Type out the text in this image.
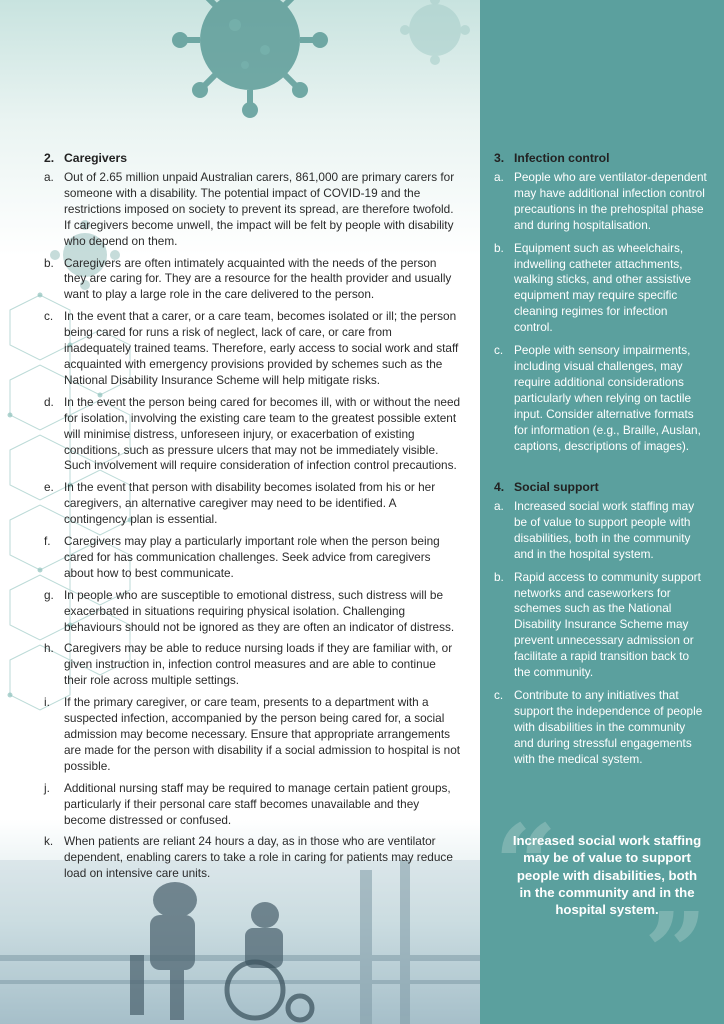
2. Caregivers
a. Out of 2.65 million unpaid Australian carers, 861,000 are primary carers for someone with a disability. The potential impact of COVID-19 and the restrictions imposed on society to prevent its spread, are therefore twofold. If caregivers become unwell, the impact will be felt by people with disability who depend on them.
b. Caregivers are often intimately acquainted with the needs of the person they are caring for. They are a resource for the health provider and usually want to play a large role in the care delivered to the person.
c. In the event that a carer, or a care team, becomes isolated or ill; the person being cared for runs a risk of neglect, lack of care, or care from inadequately trained teams. Therefore, early access to social work and staff acquainted with emergency provisions provided by schemes such as the National Disability Insurance Scheme will help mitigate risks.
d. In the event the person being cared for becomes ill, with or without the need for isolation, involving the existing care team to the greatest possible extent will minimise distress, unforeseen injury, or exacerbation of existing conditions, such as pressure ulcers that may not be immediately visible. Such involvement will require consideration of infection control precautions.
e. In the event that person with disability becomes isolated from his or her caregivers, an alternative caregiver may need to be identified. A contingency plan is essential.
f. Caregivers may play a particularly important role when the person being cared for has communication challenges. Seek advice from caregivers about how to best communicate.
g. In people who are susceptible to emotional distress, such distress will be exacerbated in situations requiring physical isolation. Challenging behaviours should not be ignored as they are often an indicator of distress.
h. Caregivers may be able to reduce nursing loads if they are familiar with, or given instruction in, infection control measures and are able to continue their role across multiple settings.
i. If the primary caregiver, or care team, presents to a department with a suspected infection, accompanied by the person being cared for, a social admission may become necessary. Ensure that appropriate arrangements are made for the person with disability if a social admission to hospital is not possible.
j. Additional nursing staff may be required to manage certain patient groups, particularly if their personal care staff becomes unavailable and they become distressed or confused.
k. When patients are reliant 24 hours a day, as in those who are ventilator dependent, enabling carers to take a role in caring for patients may reduce load on intensive care units.
3. Infection control
a. People who are ventilator-dependent may have additional infection control precautions in the prehospital phase and during hospitalisation.
b. Equipment such as wheelchairs, indwelling catheter attachments, walking sticks, and other assistive equipment may require specific cleaning regimes for infection control.
c. People with sensory impairments, including visual challenges, may require additional considerations particularly when relying on tactile input. Consider alternative formats for information (e.g., Braille, Auslan, captions, descriptions of images).
4. Social support
a. Increased social work staffing may be of value to support people with disabilities, both in the community and in the hospital system.
b. Rapid access to community support networks and caseworkers for schemes such as the National Disability Insurance Scheme may prevent unnecessary admission or facilitate a rapid transition back to the community.
c. Contribute to any initiatives that support the independence of people with disabilities in the community and during stressful engagements with the medical system.
“
”
Increased social work staffing may be of value to support people with disabilities, both in the community and in the hospital system.
